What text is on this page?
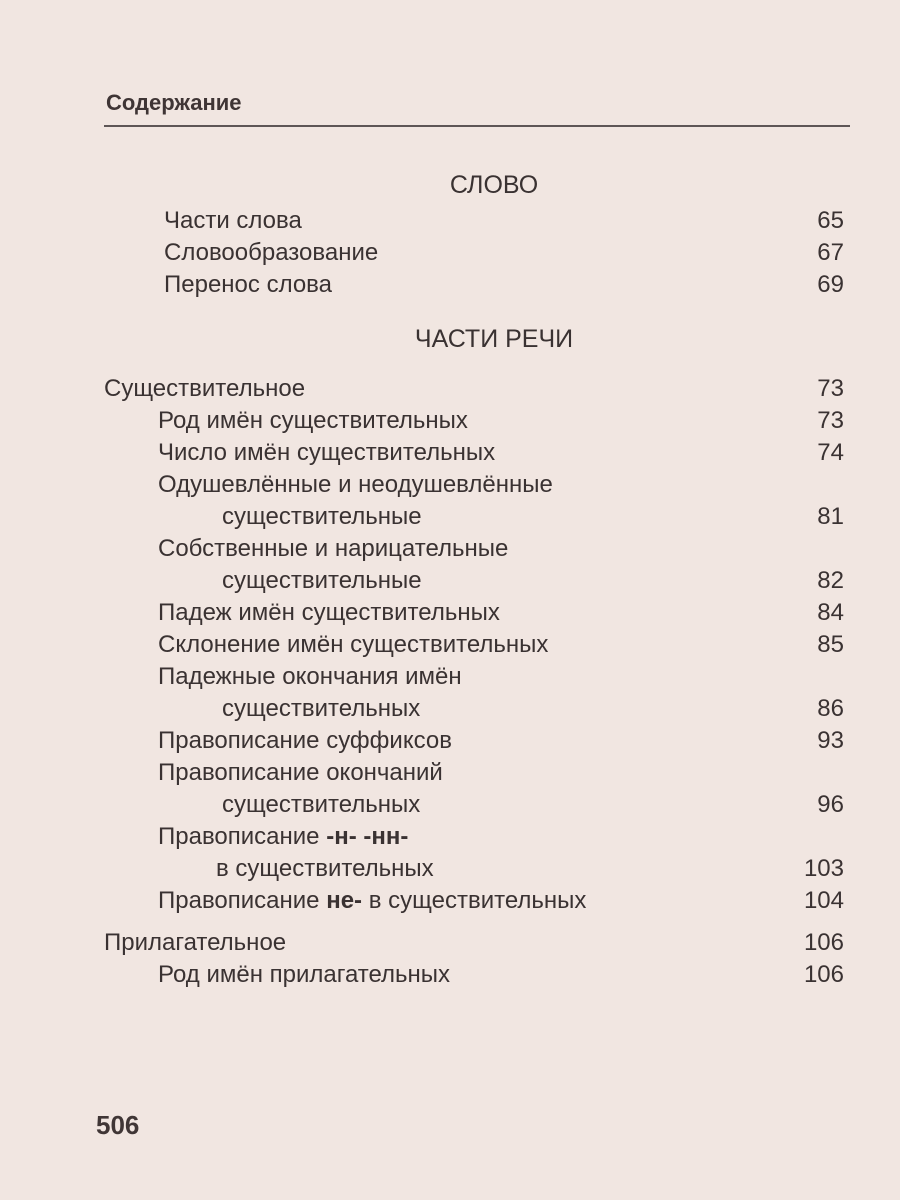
Содержание
СЛОВО
Части слова	65
Словообразование	67
Перенос слова	69
ЧАСТИ РЕЧИ
Существительное	73
Род имён существительных	73
Число имён существительных	74
Одушевлённые и неодушевлённые
существительные	81
Собственные и нарицательные
существительные	82
Падеж имён существительных	84
Склонение имён существительных	85
Падежные окончания имён
существительных	86
Правописание суффиксов	93
Правописание окончаний
существительных	96
Правописание -н- -нн-
в существительных	103
Правописание не- в существительных	104
Прилагательное	106
Род имён прилагательных	106
506
